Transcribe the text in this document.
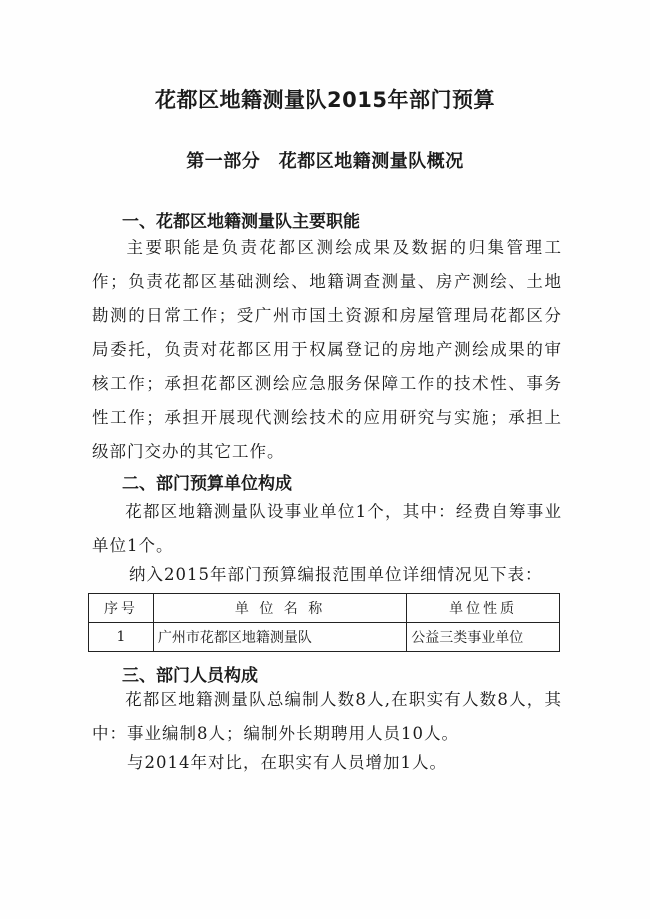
花都区地籍测量队2015年部门预算
第一部分　花都区地籍测量队概况
一、花都区地籍测量队主要职能
主要职能是负责花都区测绘成果及数据的归集管理工作；负责花都区基础测绘、地籍调查测量、房产测绘、土地勘测的日常工作；受广州市国土资源和房屋管理局花都区分局委托，负责对花都区用于权属登记的房地产测绘成果的审核工作；承担花都区测绘应急服务保障工作的技术性、事务性工作；承担开展现代测绘技术的应用研究与实施；承担上级部门交办的其它工作。
二、部门预算单位构成
花都区地籍测量队设事业单位1个，其中：经费自筹事业单位1个。
纳入2015年部门预算编报范围单位详细情况见下表：
序号	单 位 名 称	单位性质
1	广州市花都区地籍测量队	公益三类事业单位
三、部门人员构成
花都区地籍测量队总编制人数8人,在职实有人数8人，其中：事业编制8人；编制外长期聘用人员10人。
与2014年对比，在职实有人员增加1人。
